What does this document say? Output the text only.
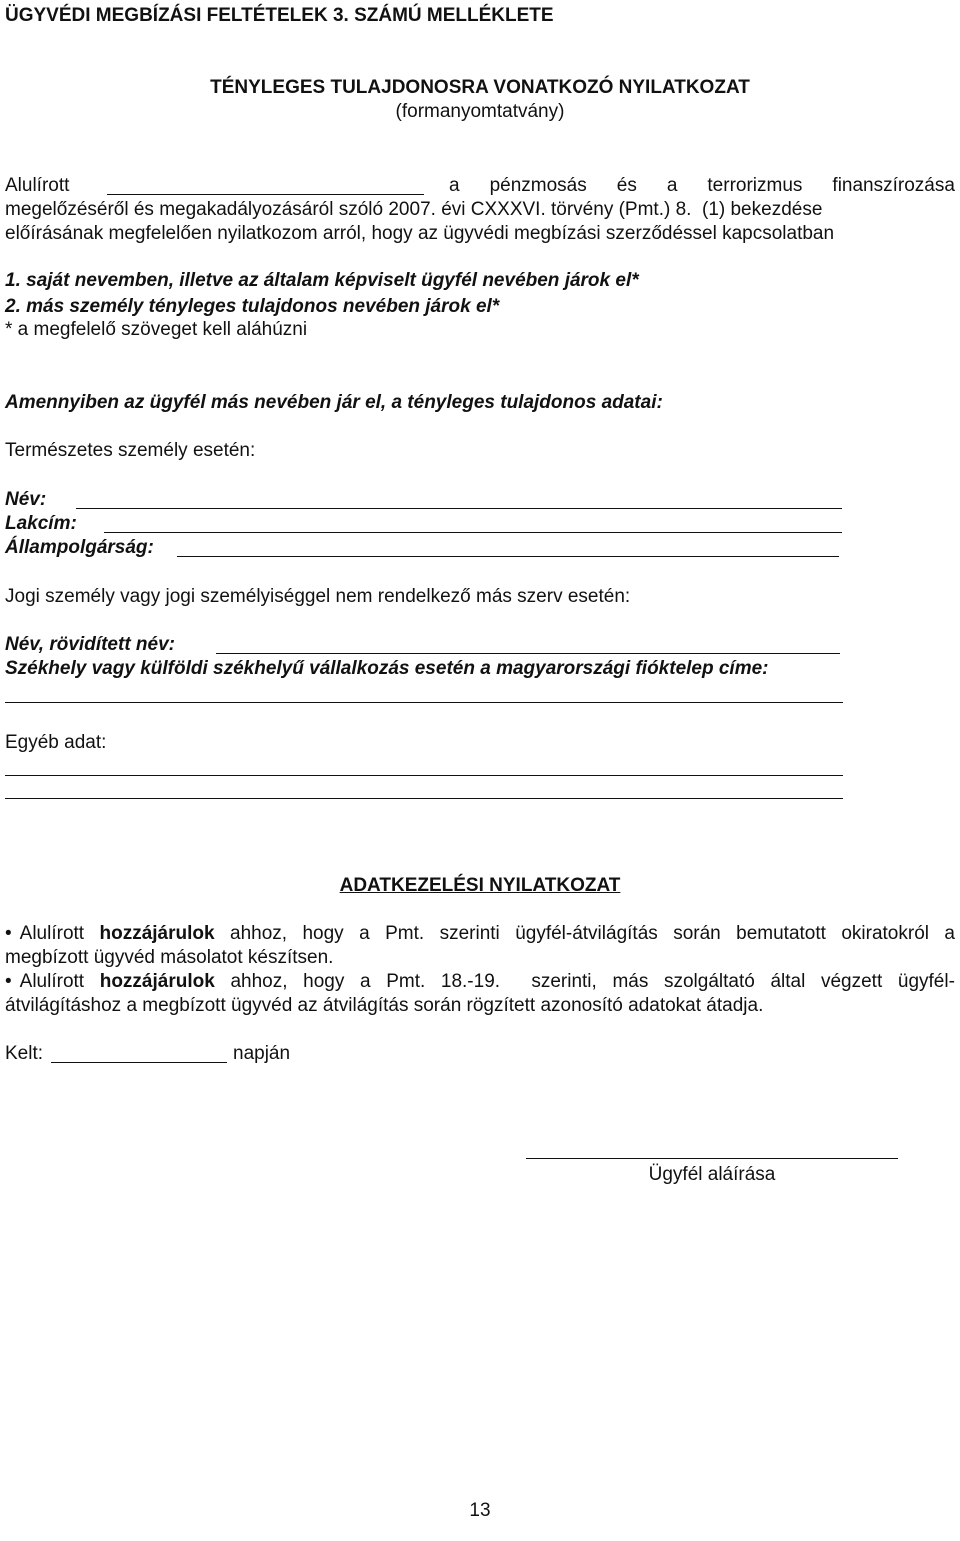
ÜGYVÉDI MEGBÍZÁSI FELTÉTELEK 3. SZÁMÚ MELLÉKLETE
TÉNYLEGES TULAJDONOSRA VONATKOZÓ NYILATKOZAT
(formanyomtatvány)
Alulírott	a pénzmosás és a terrorizmus finanszírozása
megelőzéséről és megakadályozásáról szóló 2007. évi CXXXVI. törvény (Pmt.) 8.  (1) bekezdése
előírásának megfelelően nyilatkozom arról, hogy az ügyvédi megbízási szerződéssel kapcsolatban
1. saját nevemben, illetve az általam képviselt ügyfél nevében járok el*
2. más személy tényleges tulajdonos nevében járok el*
* a megfelelő szöveget kell aláhúzni
Amennyiben az ügyfél más nevében jár el, a tényleges tulajdonos adatai:
Természetes személy esetén:
Név:
Lakcím:
Állampolgárság:
Jogi személy vagy jogi személyiséggel nem rendelkező más szerv esetén:
Név, rövidített név:
Székhely vagy külföldi székhelyű vállalkozás esetén a magyarországi fióktelep címe:
Egyéb adat:
ADATKEZELÉSI NYILATKOZAT
• Alulírott hozzájárulok ahhoz, hogy a Pmt. szerinti ügyfél-átvilágítás során bemutatott okiratokról a
megbízott ügyvéd másolatot készítsen.
• Alulírott hozzájárulok ahhoz, hogy a Pmt. 18.-19. szerinti, más szolgáltató által végzett ügyfél-
átvilágításhoz a megbízott ügyvéd az átvilágítás során rögzített azonosító adatokat átadja.
Kelt:	napján
Ügyfél aláírása
13
